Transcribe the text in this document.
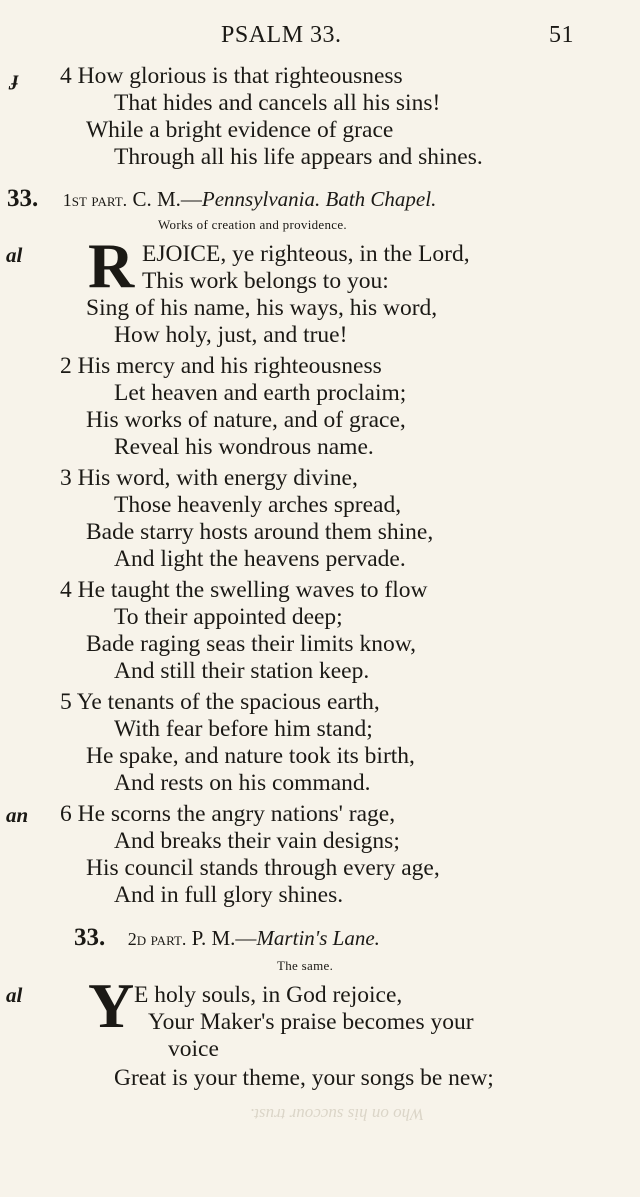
PSALM 33.	51
ɟ 4 How glorious is that righteousness
That hides and cancels all his sins!
While a bright evidence of grace
Through all his life appears and shines.
33. 1st part. C. M.—Pennsylvania. Bath Chapel.
Works of creation and providence.
al R EJOICE, ye righteous, in the Lord,
This work belongs to you:
Sing of his name, his ways, his word,
How holy, just, and true!
2 His mercy and his righteousness
Let heaven and earth proclaim;
His works of nature, and of grace,
Reveal his wondrous name.
3 His word, with energy divine,
Those heavenly arches spread,
Bade starry hosts around them shine,
And light the heavens pervade.
4 He taught the swelling waves to flow
To their appointed deep;
Bade raging seas their limits know,
And still their station keep.
5 Ye tenants of the spacious earth,
With fear before him stand;
He spake, and nature took its birth,
And rests on his command.
an 6 He scorns the angry nations' rage,
And breaks their vain designs;
His council stands through every age,
And in full glory shines.
33. 2d part. P. M.—Martin's Lane.
The same.
al Y E holy souls, in God rejoice,
Your Maker's praise becomes your
voice
Great is your theme, your songs be new;
Who on his succour trust.
